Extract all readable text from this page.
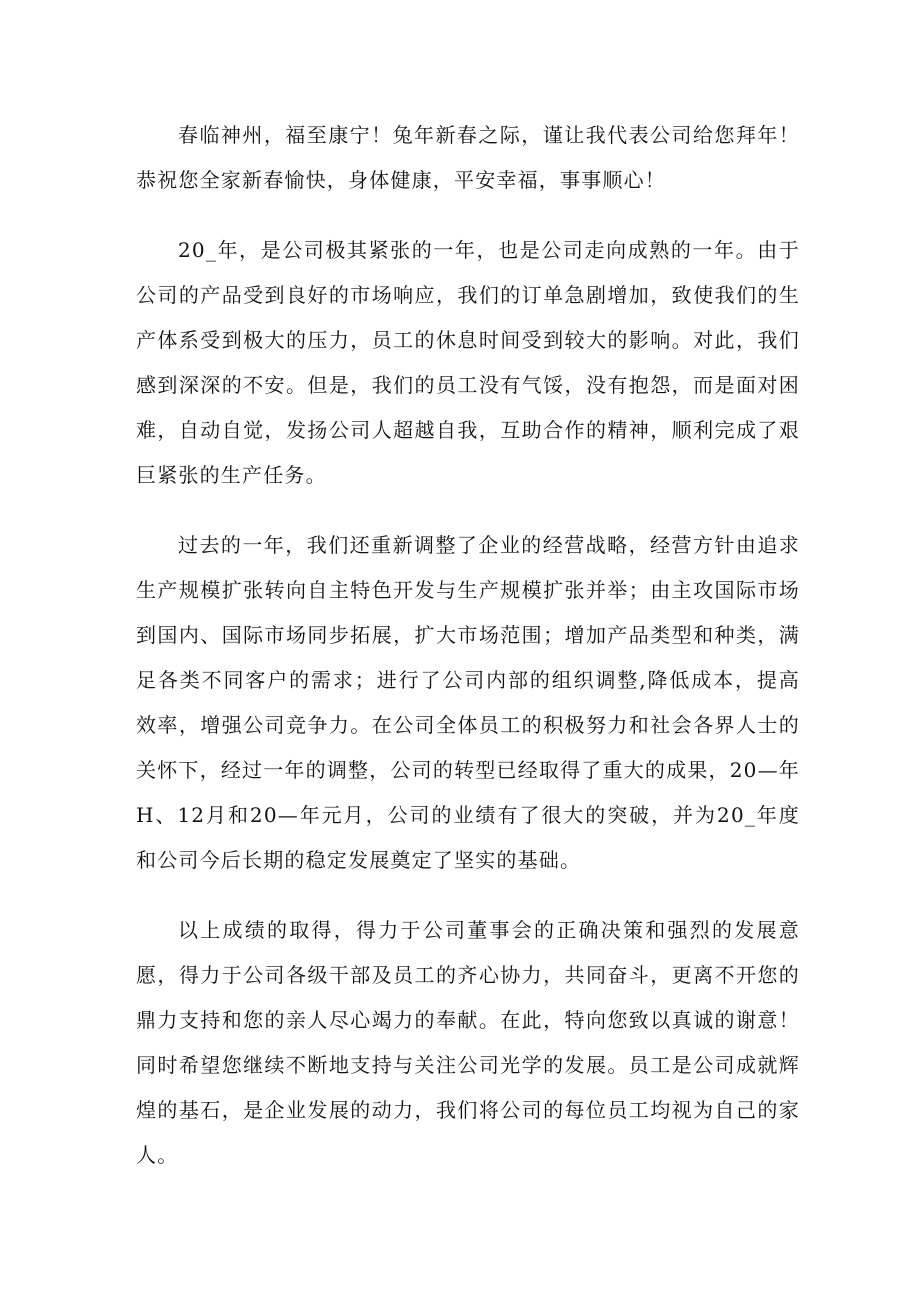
春临神州，福至康宁！兔年新春之际，谨让我代表公司给您拜年！恭祝您全家新春愉快，身体健康，平安幸福，事事顺心！

20_年，是公司极其紧张的一年，也是公司走向成熟的一年。由于公司的产品受到良好的市场响应，我们的订单急剧增加，致使我们的生产体系受到极大的压力，员工的休息时间受到较大的影响。对此，我们感到深深的不安。但是，我们的员工没有气馁，没有抱怨，而是面对困难，自动自觉，发扬公司人超越自我，互助合作的精神，顺利完成了艰巨紧张的生产任务。

过去的一年，我们还重新调整了企业的经营战略，经营方针由追求生产规模扩张转向自主特色开发与生产规模扩张并举；由主攻国际市场到国内、国际市场同步拓展，扩大市场范围；增加产品类型和种类，满足各类不同客户的需求；进行了公司内部的组织调整,降低成本，提高效率，增强公司竞争力。在公司全体员工的积极努力和社会各界人士的关怀下，经过一年的调整，公司的转型已经取得了重大的成果，20—年H、12月和20—年元月，公司的业绩有了很大的突破，并为20_年度和公司今后长期的稳定发展奠定了坚实的基础。

以上成绩的取得，得力于公司董事会的正确决策和强烈的发展意愿，得力于公司各级干部及员工的齐心协力，共同奋斗，更离不开您的鼎力支持和您的亲人尽心竭力的奉献。在此，特向您致以真诚的谢意！同时希望您继续不断地支持与关注公司光学的发展。员工是公司成就辉煌的基石，是企业发展的动力，我们将公司的每位员工均视为自己的家人。
